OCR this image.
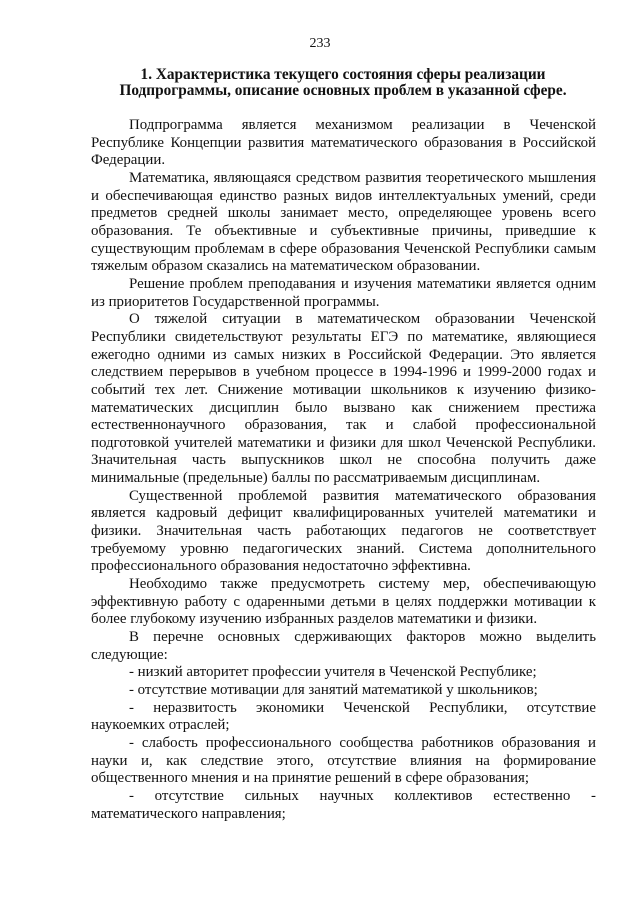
233
1. Характеристика текущего состояния сферы реализации
Подпрограммы, описание основных проблем в указанной сфере.

Подпрограмма является механизмом реализации в Чеченской Республике Концепции развития математического образования в Российской Федерации.

Математика, являющаяся средством развития теоретического мышления и обеспечивающая единство разных видов интеллектуальных умений, среди предметов средней школы занимает место, определяющее уровень всего образования. Те объективные и субъективные причины, приведшие к существующим проблемам в сфере образования Чеченской Республики самым тяжелым образом сказались на математическом образовании.

Решение проблем преподавания и изучения математики является одним из приоритетов Государственной программы.

О тяжелой ситуации в математическом образовании Чеченской Республики свидетельствуют результаты ЕГЭ по математике, являющиеся ежегодно одними из самых низких в Российской Федерации. Это является следствием перерывов в учебном процессе в 1994-1996 и 1999-2000 годах и событий тех лет. Снижение мотивации школьников к изучению физико-математических дисциплин было вызвано как снижением престижа естественнонаучного образования, так и слабой профессиональной подготовкой учителей математики и физики для школ Чеченской Республики. Значительная часть выпускников школ не способна получить даже минимальные (предельные) баллы по рассматриваемым дисциплинам.

Существенной проблемой развития математического образования является кадровый дефицит квалифицированных учителей математики и физики. Значительная часть работающих педагогов не соответствует требуемому уровню педагогических знаний. Система дополнительного профессионального образования недостаточно эффективна.

Необходимо также предусмотреть систему мер, обеспечивающую эффективную работу с одаренными детьми в целях поддержки мотивации к более глубокому изучению избранных разделов математики и физики.

В перечне основных сдерживающих факторов можно выделить следующие:

- низкий авторитет профессии учителя в Чеченской Республике;

- отсутствие мотивации для занятий математикой у школьников;

- неразвитость экономики Чеченской Республики, отсутствие наукоемких отраслей;

- слабость профессионального сообщества работников образования и науки и, как следствие этого, отсутствие влияния на формирование общественного мнения и на принятие решений в сфере образования;

- отсутствие сильных научных коллективов естественно - математического направления;
